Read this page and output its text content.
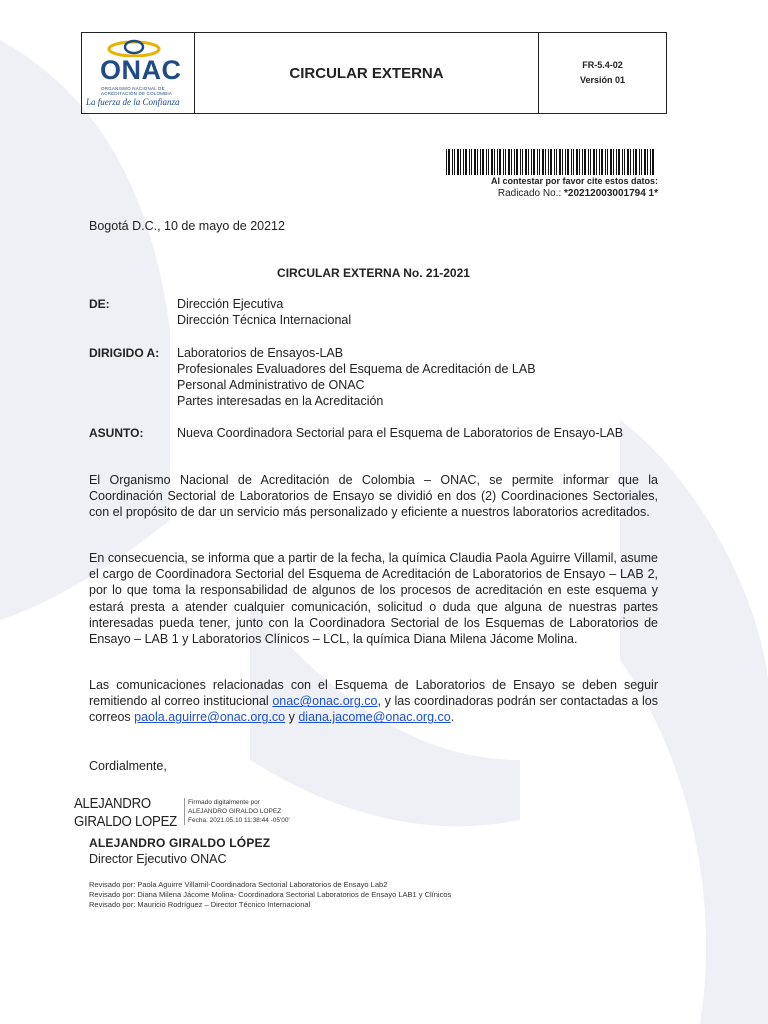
ONAC
ORGANISMO NACIONAL DE
ACREDITACIÓN DE COLOMBIA
La fuerza de la Confianza
CIRCULAR EXTERNA	FR-5.4-02
Versión 01
Al contestar por favor cite estos datos:
Radicado No.: *20212003001794 1*
Bogotá D.C., 10 de mayo de 20212
CIRCULAR EXTERNA No. 21-2021
DE:	Dirección Ejecutiva
Dirección Técnica Internacional
DIRIGIDO A: Laboratorios de Ensayos-LAB
Profesionales Evaluadores del Esquema de Acreditación de LAB
Personal Administrativo de ONAC
Partes interesadas en la Acreditación
ASUNTO:	Nueva Coordinadora Sectorial para el Esquema de Laboratorios de Ensayo-LAB

El Organismo Nacional de Acreditación de Colombia – ONAC, se permite informar que la Coordinación Sectorial de Laboratorios de Ensayo se dividió en dos (2) Coordinaciones Sectoriales, con el propósito de dar un servicio más personalizado y eficiente a nuestros laboratorios acreditados.

En consecuencia, se informa que a partir de la fecha, la química Claudia Paola Aguirre Villamil, asume el cargo de Coordinadora Sectorial del Esquema de Acreditación de Laboratorios de Ensayo – LAB 2, por lo que toma la responsabilidad de algunos de los procesos de acreditación en este esquema y estará presta a atender cualquier comunicación, solicitud o duda que alguna de nuestras partes interesadas pueda tener, junto con la Coordinadora Sectorial de los Esquemas de Laboratorios de Ensayo – LAB 1 y Laboratorios Clínicos – LCL, la química Diana Milena Jácome Molina.

Las comunicaciones relacionadas con el Esquema de Laboratorios de Ensayo se deben seguir remitiendo al correo institucional onac@onac.org.co, y las coordinadoras podrán ser contactadas a los correos paola.aguirre@onac.org.co y diana.jacome@onac.org.co.

Cordialmente,
ALEJANDRO
GIRALDO LOPEZ
Firmado digitalmente por
ALEJANDRO GIRALDO LOPEZ
Fecha: 2021.05.10 11:38:44 -05'00'
ALEJANDRO GIRALDO LÓPEZ
Director Ejecutivo ONAC
Revisado por: Paola Aguirre Villamil-Coordinadora Sectorial Laboratorios de Ensayo Lab2
Revisado por: Diana Milena Jácome Molina- Coordinadora Sectorial Laboratorios de Ensayo LAB1 y Clínicos
Revisado por: Mauricio Rodríguez – Director Técnico Internacional
